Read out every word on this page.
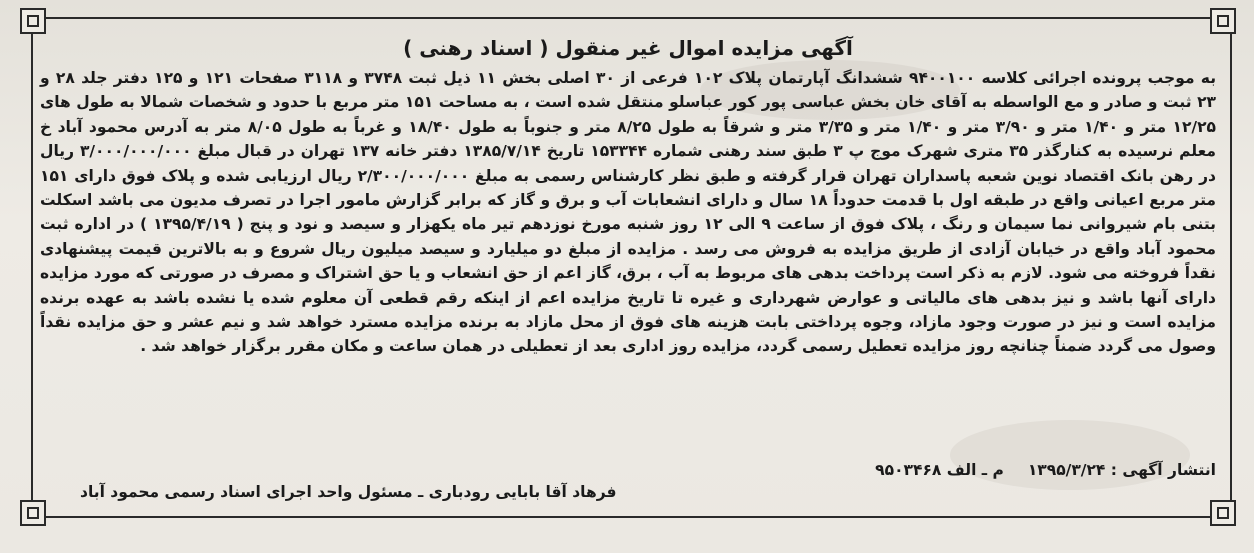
آگهی مزایده اموال غیر منقول ( اسناد رهنی )

به موجب پرونده اجرائی کلاسه ۹۴۰۰۱۰۰ ششدانگ آپارتمان پلاک ۱۰۲ فرعی از ۳۰ اصلی بخش ۱۱ ذیل ثبت ۳۷۴۸ و ۳۱۱۸ صفحات ۱۲۱ و ۱۲۵ دفتر جلد ۲۸ و ۲۳ ثبت و صادر و مع الواسطه به آقای خان بخش عباسی پور کور عباسلو منتقل شده است ، به مساحت ۱۵۱ متر مربع با حدود و شخصات شمالا به طول های ۱۲/۲۵ متر و ۱/۴۰ متر و ۳/۹۰ متر و ۱/۴۰ متر و ۳/۳۵ متر و شرقاً به طول ۸/۲۵ متر و جنوباً به طول ۱۸/۴۰ و غرباً به طول ۸/۰۵ متر به آدرس محمود آباد خ معلم نرسیده به کنارگذر ۳۵ متری شهرک موج پ ۳ طبق سند رهنی شماره ۱۵۳۳۴۴ تاریخ ۱۳۸۵/۷/۱۴ دفتر خانه ۱۳۷ تهران در قبال مبلغ ۳/۰۰۰/۰۰۰/۰۰۰ ریال در رهن بانک اقتصاد نوین شعبه پاسداران تهران قرار گرفته و طبق نظر کارشناس رسمی به مبلغ ۲/۳۰۰/۰۰۰/۰۰۰ ریال ارزیابی شده و پلاک فوق دارای ۱۵۱ متر مربع اعیانی واقع در طبقه اول با قدمت حدوداً ۱۸ سال و دارای انشعابات آب و برق و گاز که برابر گزارش مامور اجرا در تصرف مدیون می باشد اسکلت بتنی بام شیروانی نما سیمان و رنگ ، پلاک فوق از ساعت ۹ الی ۱۲ روز شنبه مورخ نوزدهم تیر ماه یکهزار و سیصد و نود و پنج ( ۱۳۹۵/۴/۱۹ ) در اداره ثبت محمود آباد واقع در خیابان آزادی از طریق مزایده به فروش می رسد . مزایده از مبلغ دو میلیارد و سیصد میلیون ریال شروع و به بالاترین قیمت پیشنهادی نقداً فروخته می شود. لازم به ذکر است پرداخت بدهی های مربوط به آب ، برق، گاز اعم از حق انشعاب و یا حق اشتراک و مصرف در صورتی که مورد مزایده دارای آنها باشد و نیز بدهی های مالیاتی و عوارض شهرداری و غیره تا تاریخ مزایده اعم از اینکه رقم قطعی آن معلوم شده یا نشده باشد به عهده برنده مزایده است و نیز در صورت وجود مازاد، وجوه پرداختی بابت هزینه های فوق از محل مازاد به برنده مزایده مسترد خواهد شد و نیم عشر و حق مزایده نقداً وصول می گردد ضمناً چنانچه روز مزایده تعطیل رسمی گردد، مزایده روز اداری بعد از تعطیلی در همان ساعت و مکان مقرر برگزار خواهد شد .

انتشار آگهی : ۱۳۹۵/۳/۲۴
م ـ الف ۹۵۰۳۴۶۸
فرهاد آقا بابایی رودباری ـ مسئول واحد اجرای اسناد رسمی محمود آباد
